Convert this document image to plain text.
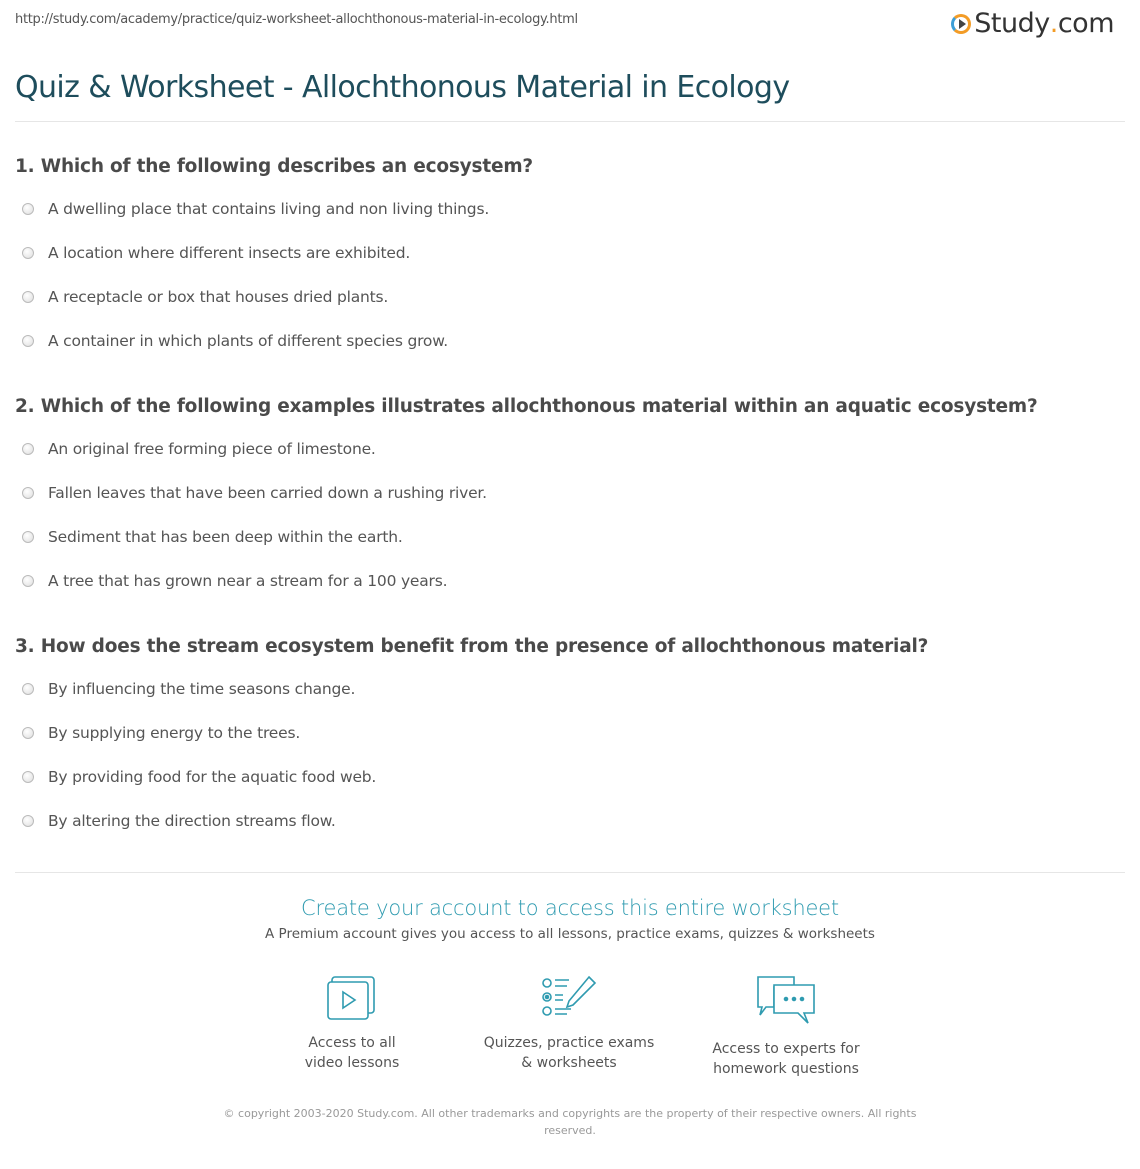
http://study.com/academy/practice/quiz-worksheet-allochthonous-material-in-ecology.html	Study . com
Quiz & Worksheet - Allochthonous Material in Ecology
1. Which of the following describes an ecosystem?
A dwelling place that contains living and non living things.
A location where different insects are exhibited.
A receptacle or box that houses dried plants.
A container in which plants of different species grow.
2. Which of the following examples illustrates allochthonous material within an aquatic ecosystem?
An original free forming piece of limestone.
Fallen leaves that have been carried down a rushing river.
Sediment that has been deep within the earth.
A tree that has grown near a stream for a 100 years.
3. How does the stream ecosystem benefit from the presence of allochthonous material?
By influencing the time seasons change.
By supplying energy to the trees.
By providing food for the aquatic food web.
By altering the direction streams flow.
Create your account to access this entire worksheet
A Premium account gives you access to all lessons, practice exams, quizzes & worksheets
Access to all
video lessons
Quizzes, practice exams
& worksheets
Access to experts for
homework questions
© copyright 2003-2020 Study.com. All other trademarks and copyrights are the property of their respective owners. All rights reserved.
